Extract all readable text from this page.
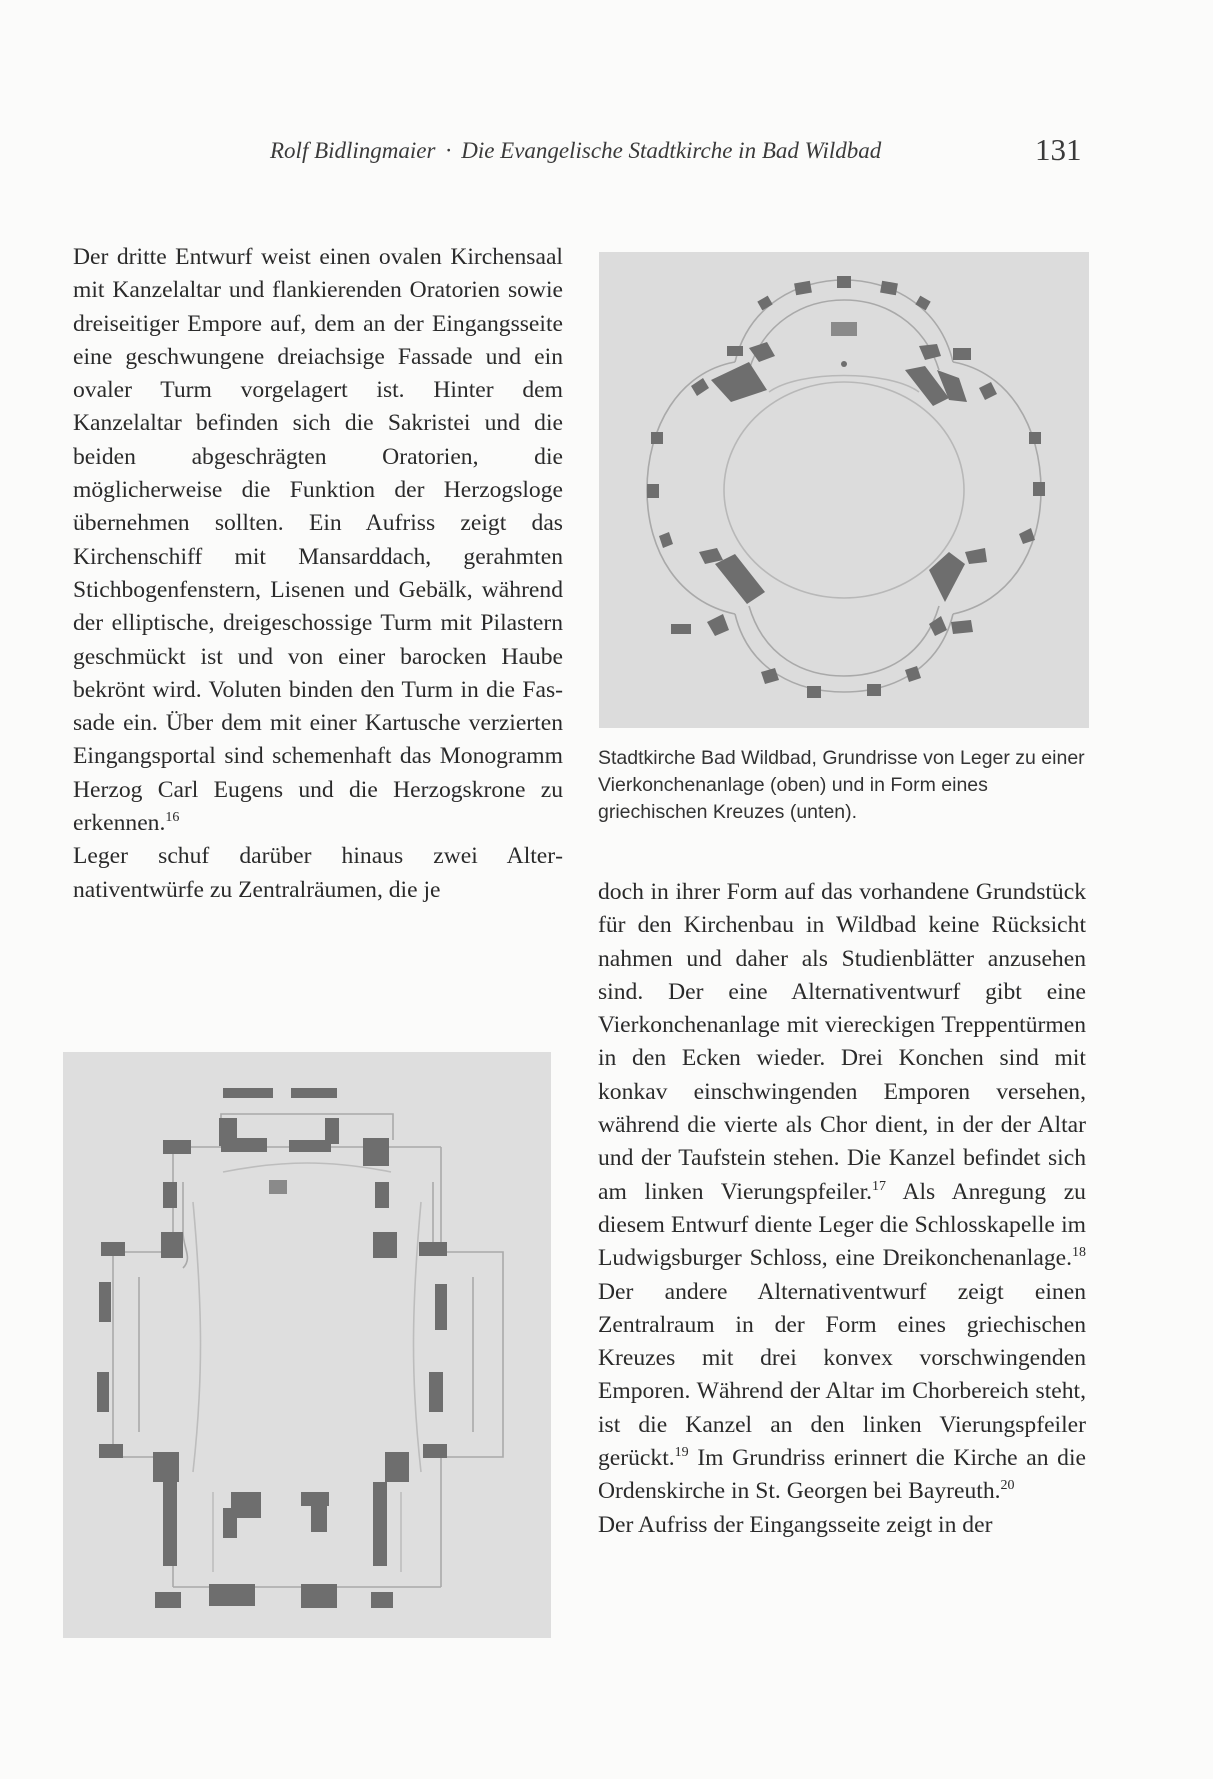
Rolf Bidlingmaier · Die Evangelische Stadtkirche in Bad Wildbad	131

Der dritte Entwurf weist einen ovalen Kirchensaal mit Kanzelaltar und flankierenden Oratorien sowie dreiseitiger Empore auf, dem an der Eingangsseite eine geschwungene dreiachsige Fassade und ein ovaler Turm vorgelagert ist. Hinter dem Kanzelaltar befinden sich die Sakristei und die beiden abgeschrägten Oratorien, die möglicherweise die Funktion der Herzogsloge übernehmen sollten. Ein Aufriss zeigt das Kirchenschiff mit Mansarddach, gerahmten Stichbogenfenstern, Lisenen und Gebälk, während der elliptische, dreigeschossige Turm mit Pilastern geschmückt ist und von einer barocken Haube bekrönt wird. Voluten binden den Turm in die Fassade ein. Über dem mit einer Kartusche verzierten Eingangsportal sind schemenhaft das Monogramm Herzog Carl Eugens und die Herzogskrone zu erkennen.$^{16}$

Leger schuf darüber hinaus zwei Alternativentwürfe zu Zentralräumen, die je

Stadtkirche Bad Wildbad, Grundrisse von Leger zu einer Vierkonchenanlage (oben) und in Form eines griechischen Kreuzes (unten).

doch in ihrer Form auf das vorhandene Grundstück für den Kirchenbau in Wildbad keine Rücksicht nahmen und daher als Studienblätter anzusehen sind. Der eine Alternativentwurf gibt eine Vierkonchenanlage mit viereckigen Treppentürmen in den Ecken wieder. Drei Konchen sind mit konkav einschwingenden Emporen versehen, während die vierte als Chor dient, in der der Altar und der Taufstein stehen. Die Kanzel befindet sich am linken Vierungspfeiler.$^{17}$ Als Anregung zu diesem Entwurf diente Leger die Schlosskapelle im Ludwigsburger Schloss, eine Dreikonchenanlage.$^{18}$ Der andere Alternativentwurf zeigt einen Zentralraum in der Form eines griechischen Kreuzes mit drei konvex vorschwingenden Emporen. Während der Altar im Chorbereich steht, ist die Kanzel an den linken Vierungspfeiler gerückt.$^{19}$ Im Grundriss erinnert die Kirche an die Ordenskirche in St. Georgen bei Bayreuth.$^{20}$

Der Aufriss der Eingangsseite zeigt in der
